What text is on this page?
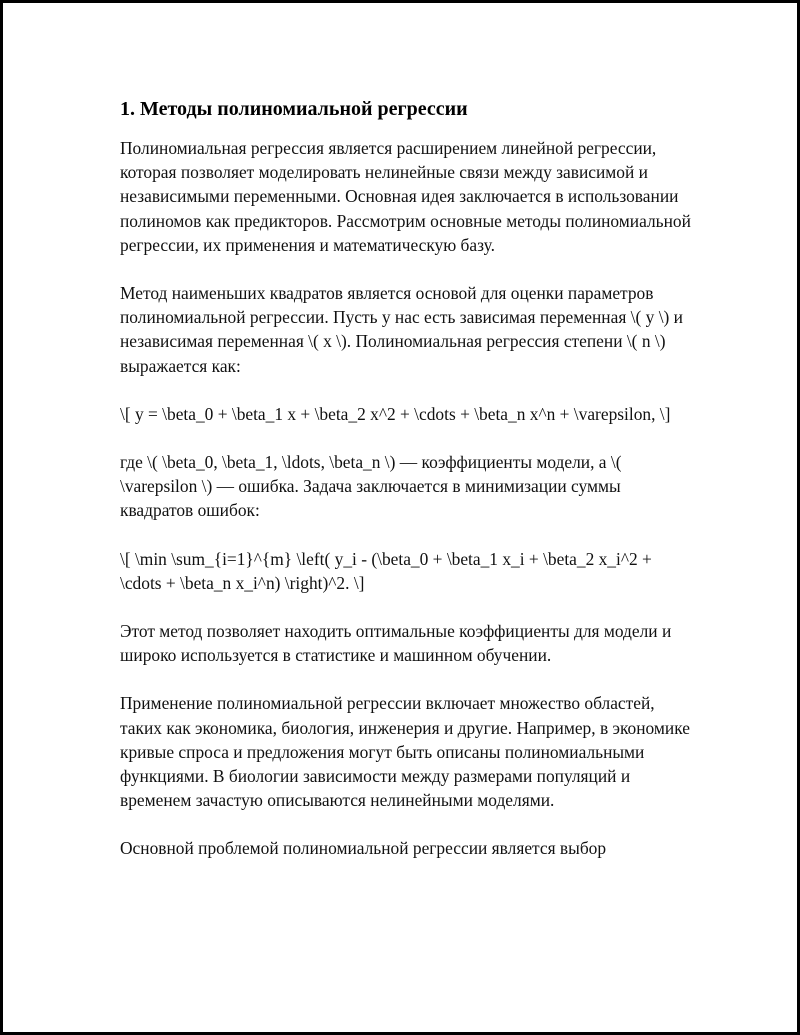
1. Методы полиномиальной регрессии

Полиномиальная регрессия является расширением линейной регрессии, которая позволяет моделировать нелинейные связи между зависимой и независимыми переменными. Основная идея заключается в использовании полиномов как предикторов. Рассмотрим основные методы полиномиальной регрессии, их применения и математическую базу.

Метод наименьших квадратов является основой для оценки параметров полиномиальной регрессии. Пусть у нас есть зависимая переменная \( y \) и независимая переменная \( x \). Полиномиальная регрессия степени \( n \) выражается как:

\[ y = \beta_0 + \beta_1 x + \beta_2 x^2 + \cdots + \beta_n x^n + \varepsilon, \]

где \( \beta_0, \beta_1, \ldots, \beta_n \) — коэффициенты модели, а \( \varepsilon \) — ошибка. Задача заключается в минимизации суммы квадратов ошибок:

\[ \min \sum_{i=1}^{m} \left( y_i - (\beta_0 + \beta_1 x_i + \beta_2 x_i^2 + \cdots + \beta_n x_i^n) \right)^2. \]

Этот метод позволяет находить оптимальные коэффициенты для модели и широко используется в статистике и машинном обучении.

Применение полиномиальной регрессии включает множество областей, таких как экономика, биология, инженерия и другие. Например, в экономике кривые спроса и предложения могут быть описаны полиномиальными функциями. В биологии зависимости между размерами популяций и временем зачастую описываются нелинейными моделями.

Основной проблемой полиномиальной регрессии является выбор
